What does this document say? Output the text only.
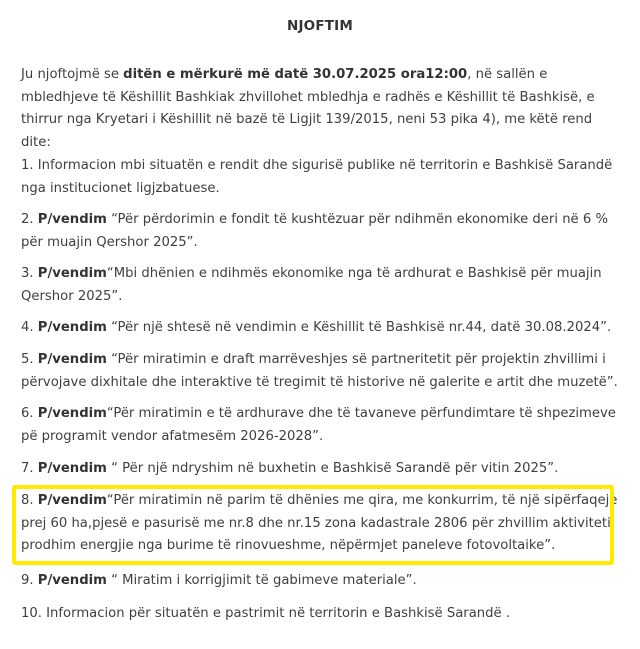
NJOFTIM
Ju njoftojmë se ditën e mërkurë më datë 30.07.2025 ora12:00, në sallën e mbledhjeve të Këshillit Bashkiak zhvillohet mbledhja e radhës e Këshillit të Bashkisë, e thirrur nga Kryetari i Këshillit në bazë të Ligjit 139/2015, neni 53 pika 4), me këtë rend dite:
1. Informacion mbi situatën e rendit dhe sigurisë publike në territorin e Bashkisë Sarandë nga institucionet ligjzbatuese.
2. P/vendim “Për përdorimin e fondit të kushtëzuar për ndihmën ekonomike deri në 6 % për muajin Qershor 2025”.
3. P/vendim“Mbi dhënien e ndihmës ekonomike nga të ardhurat e Bashkisë për muajin Qershor 2025”.
4. P/vendim “Për një shtesë në vendimin e Këshillit të Bashkisë nr.44, datë 30.08.2024”.
5. P/vendim “Për miratimin e draft marrëveshjes së partneritetit për projektin zhvillimi i përvojave dixhitale dhe interaktive të tregimit të historive në galerite e artit dhe muzetë”.
6. P/vendim“Për miratimin e të ardhurave dhe të tavaneve përfundimtare të shpezimeve pë programit vendor afatmesëm 2026-2028”.
7. P/vendim “ Për një ndryshim në buxhetin e Bashkisë Sarandë për vitin 2025”.
8. P/vendim“Për miratimin në parim të dhënies me qira, me konkurrim, të një sipërfaqeje prej 60 ha,pjesë e pasurisë me nr.8 dhe nr.15 zona kadastrale 2806 për zhvillim aktiviteti prodhim energjie nga burime të rinovueshme, nëpërmjet paneleve fotovoltaike”.
9. P/vendim “ Miratim i korrigjimit të gabimeve materiale”.
10. Informacion për situatën e pastrimit në territorin e Bashkisë Sarandë .
